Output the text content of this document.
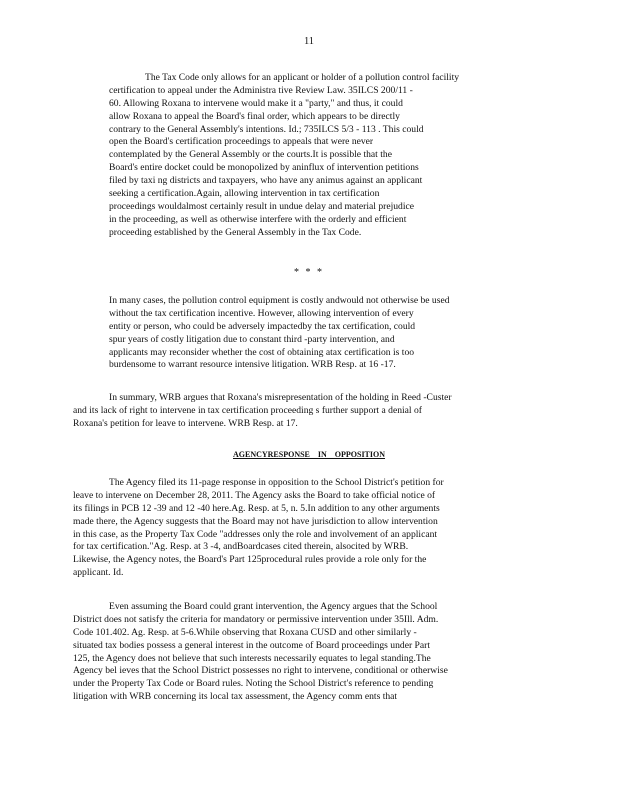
11
The Tax Code only allows for an applicant or holder of a pollution control facility
certification to appeal under the Administra tive Review Law. 35ILCS 200/11 -
60. Allowing Roxana to intervene would make it a "party," and thus, it could
allow Roxana to appeal the Board's final order, which appears to be directly
contrary to the General Assembly's intentions. Id.; 735ILCS 5/3 - 113 . This could
open the Board's certification proceedings to appeals that were never
contemplated by the General Assembly or the courts.It is possible that the
Board's entire docket could be monopolized by aninflux of intervention petitions
filed by taxi ng districts and taxpayers, who have any animus against an applicant
seeking a certification.Again, allowing intervention in tax certification
proceedings wouldalmost certainly result in undue delay and material prejudice
in the proceeding, as well as otherwise interfere with the orderly and efficient
proceeding established by the General Assembly in the Tax Code.
* * *
In many cases, the pollution control equipment is costly andwould not otherwise be used
without the tax certification incentive. However, allowing intervention of every
entity or person, who could be adversely impactedby the tax certification, could
spur years of costly litigation due to constant third -party intervention, and
applicants may reconsider whether the cost of obtaining atax certification is too
burdensome to warrant resource intensive litigation. WRB Resp. at 16 -17.
In summary, WRB argues that Roxana's misrepresentation of the holding in Reed -Custer
and its lack of right to intervene in tax certification proceeding s further support a denial of
Roxana's petition for leave to intervene. WRB Resp. at 17.
AGENCYRESPONSE IN OPPOSITION
The Agency filed its 11-page response in opposition to the School District's petition for
leave to intervene on December 28, 2011. The Agency asks the Board to take official notice of
its filings in PCB 12 -39 and 12 -40 here.Ag. Resp. at 5, n. 5.In addition to any other arguments
made there, the Agency suggests that the Board may not have jurisdiction to allow intervention
in this case, as the Property Tax Code "addresses only the role and involvement of an applicant
for tax certification."Ag. Resp. at 3 -4, andBoardcases cited therein, alsocited by WRB.
Likewise, the Agency notes, the Board's Part 125procedural rules provide a role only for the
applicant. Id.
Even assuming the Board could grant intervention, the Agency argues that the School
District does not satisfy the criteria for mandatory or permissive intervention under 35Ill. Adm.
Code 101.402. Ag. Resp. at 5-6.While observing that Roxana CUSD and other similarly -
situated tax bodies possess a general interest in the outcome of Board proceedings under Part
125, the Agency does not believe that such interests necessarily equates to legal standing.The
Agency bel ieves that the School District possesses no right to intervene, conditional or otherwise
under the Property Tax Code or Board rules. Noting the School District's reference to pending
litigation with WRB concerning its local tax assessment, the Agency comm ents that
